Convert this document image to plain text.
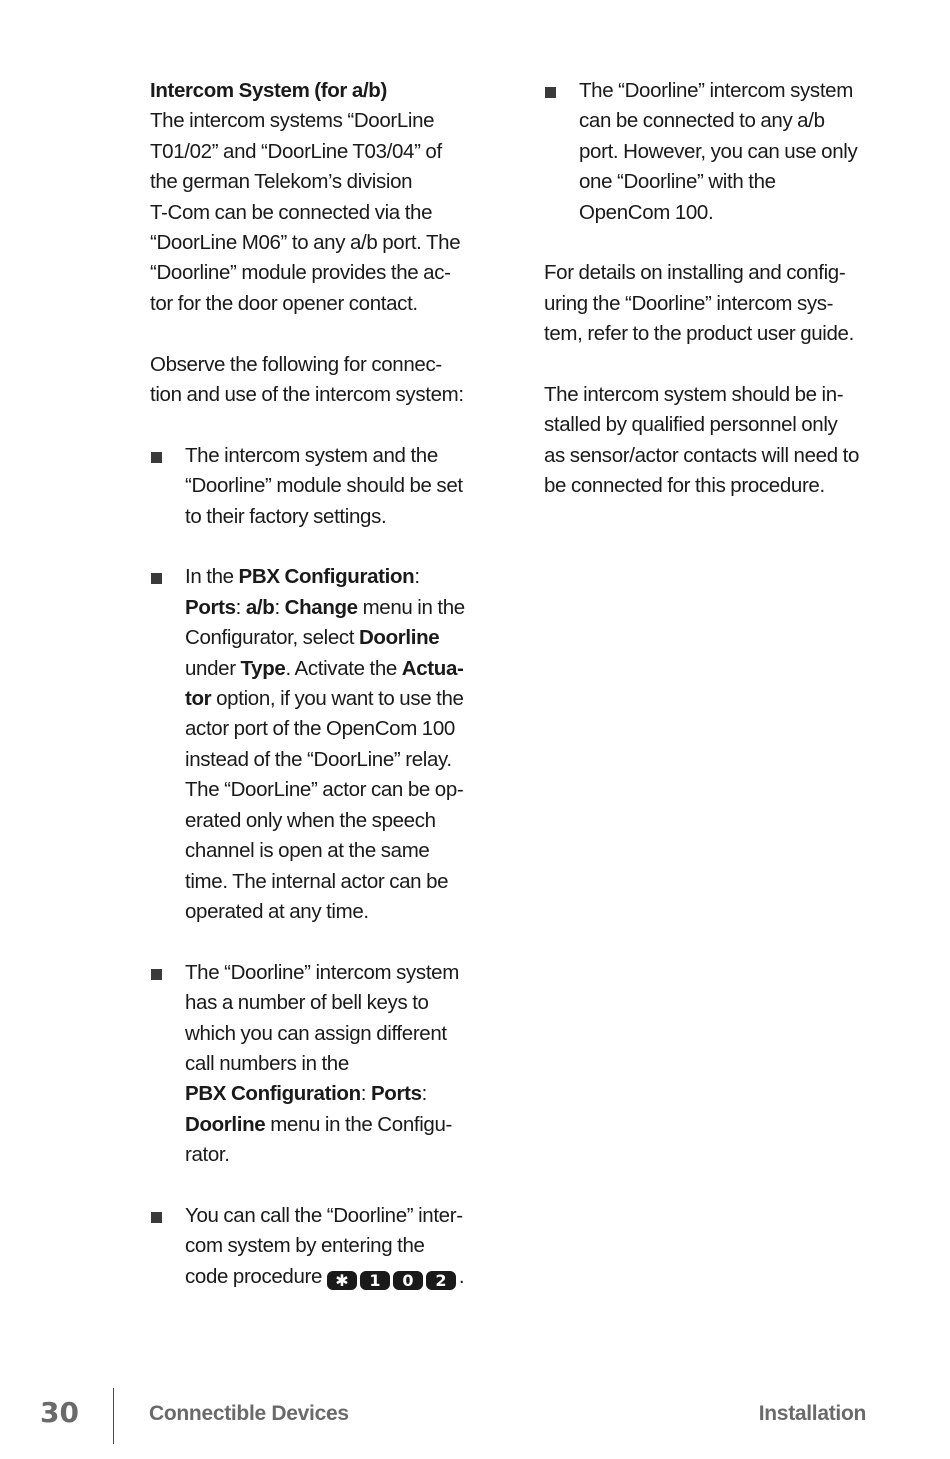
Intercom System (for a/b)
The intercom systems “DoorLine
T01/02” and “DoorLine T03/04” of
the german Telekom’s division
T-Com can be connected via the
“DoorLine M06” to any a/b port. The
“Doorline” module provides the ac-
tor for the door opener contact.
Observe the following for connec-
tion and use of the intercom system:
The intercom system and the
“Doorline” module should be set
to their factory settings.
In the PBX Configuration:
Ports: a/b: Change menu in the
Configurator, select Doorline
under Type. Activate the Actua-
tor option, if you want to use the
actor port of the OpenCom 100
instead of the “DoorLine” relay.
The “DoorLine” actor can be op-
erated only when the speech
channel is open at the same
time. The internal actor can be
operated at any time.
The “Doorline” intercom system
has a number of bell keys to
which you can assign different
call numbers in the
PBX Configuration: Ports:
Doorline menu in the Configu-
rator.
You can call the “Doorline” inter-
com system by entering the
code procedure ✱ 1 0 2 .
The “Doorline” intercom system
can be connected to any a/b
port. However, you can use only
one “Doorline” with the
OpenCom 100.
For details on installing and config-
uring the “Doorline” intercom sys-
tem, refer to the product user guide.
The intercom system should be in-
stalled by qualified personnel only
as sensor/actor contacts will need to
be connected for this procedure.
30	Connectible Devices	Installation
